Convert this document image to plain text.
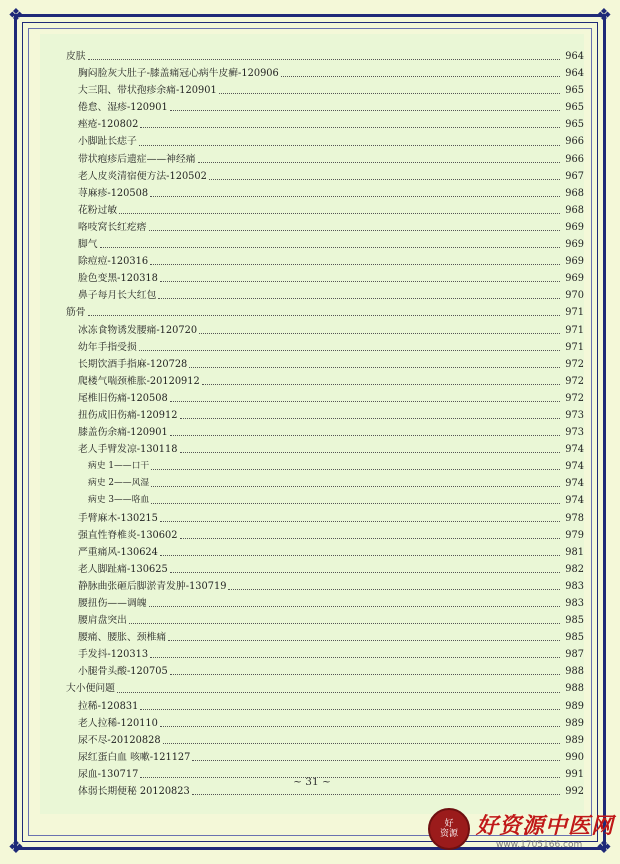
❖	❖
❖	❖
皮肤	964
胸闷脸灰大肚子-膝盖痛冠心病牛皮癣-120906	964
大三阳、带状孢疹余痛-120901	965
倦怠、湿疹-120901	965
痤疮-120802	965
小脚趾长痣子	966
带状疱疹后遗症——神经痛	966
老人皮炎清宿便方法-120502	967
荨麻疹-120508	968
花粉过敏	968
咯吱窝长红疙瘩	969
脚气	969
除痘痘-120316	969
脸色变黑-120318	969
鼻子每月长大红包	970
筋骨	971
冰冻食物诱发腰痛-120720	971
幼年手指受损	971
长期饮酒手指麻-120728	972
爬楼气喘颈椎胀-20120912	972
尾椎旧伤痛-120508	972
扭伤成旧伤痛-120912	973
膝盖伤余痛-120901	973
老人手臂发凉-130118	974
病史 1——口干	974
病史 2——风湿	974
病史 3——咯血	974
手臂麻木-130215	978
强直性脊椎炎-130602	979
严重痛风-130624	981
老人脚趾痛-130625	982
静脉曲张砸后脚淤青发肿-130719	983
腰扭伤——调魄	983
腰肩盘突出	985
腰痛、腰胀、颈椎痛	985
手发抖-120313	987
小腿骨头酸-120705	988
大小便问题	988
拉稀-120831	989
老人拉稀-120110	989
尿不尽-20120828	989
尿红蛋白血 咳嗽-121127	990
尿血-130717	991
体弱长期便秘 20120823	992
~ 31 ~
好
资源 好资源中医网
www.1705166.com
